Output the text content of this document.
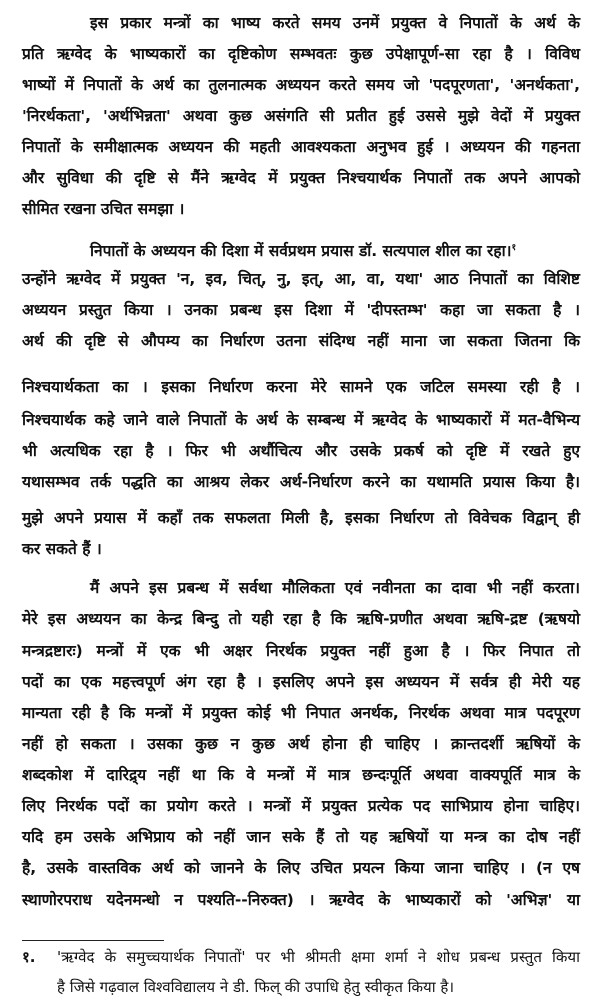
इस प्रकार मन्त्रों का भाष्य करते समय उनमें प्रयुक्त वे निपातों के अर्थ के
प्रति ऋग्वेद के भाष्यकारों का दृष्टिकोण सम्भवतः कुछ उपेक्षापूर्ण-सा रहा है । विविध
भाष्यों में निपातों के अर्थ का तुलनात्मक अध्ययन करते समय जो 'पदपूरणता', 'अनर्थकता',
'निरर्थकता', 'अर्थभिन्नता' अथवा कुछ असंगति सी प्रतीत हुई उससे मुझे वेदों में प्रयुक्त
निपातों के समीक्षात्मक अध्ययन की महती आवश्यकता अनुभव हुई । अध्ययन की गहनता
और सुविधा की दृष्टि से मैंने ऋग्वेद में प्रयुक्त निश्चयार्थक निपातों तक अपने आपको
सीमित रखना उचित समझा ।
निपातों के अध्ययन की दिशा में सर्वप्रथम प्रयास डॉ. सत्यपाल शील का रहा।$^१$
उन्होंने ऋग्वेद में प्रयुक्त 'न, इव, चित्, नु, इत्, आ, वा, यथा' आठ निपातों का विशिष्ट
अध्ययन प्रस्तुत किया । उनका प्रबन्ध इस दिशा में 'दीपस्तम्भ' कहा जा सकता है ।
अर्थ की दृष्टि से औपम्य का निर्धारण उतना संदिग्ध नहीं माना जा सकता जितना कि
निश्चयार्थकता का । इसका निर्धारण करना मेरे सामने एक जटिल समस्या रही है ।
निश्चयार्थक कहे जाने वाले निपातों के अर्थ के सम्बन्ध में ऋग्वेद के भाष्यकारों में मत-वैभिन्य
भी अत्यधिक रहा है । फिर भी अर्थौचित्य और उसके प्रकर्ष को दृष्टि में रखते हुए
यथासम्भव तर्क पद्धति का आश्रय लेकर अर्थ-निर्धारण करने का यथामति प्रयास किया है।
मुझे अपने प्रयास में कहाँ तक सफलता मिली है, इसका निर्धारण तो विवेचक विद्वान् ही
कर सकते हैं ।
मैं अपने इस प्रबन्ध में सर्वथा मौलिकता एवं नवीनता का दावा भी नहीं करता।
मेरे इस अध्ययन का केन्द्र बिन्दु तो यही रहा है कि ऋषि-प्रणीत अथवा ऋषि-द्रष्ट (ऋषयो
मन्त्रद्रष्टारः) मन्त्रों में एक भी अक्षर निरर्थक प्रयुक्त नहीं हुआ है । फिर निपात तो
पदों का एक महत्त्वपूर्ण अंग रहा है । इसलिए अपने इस अध्ययन में सर्वत्र ही मेरी यह
मान्यता रही है कि मन्त्रों में प्रयुक्त कोई भी निपात अनर्थक, निरर्थक अथवा मात्र पदपूरण
नहीं हो सकता । उसका कुछ न कुछ अर्थ होना ही चाहिए । क्रान्तदर्शी ऋषियों के
शब्दकोश में दारिद्र्य नहीं था कि वे मन्त्रों में मात्र छन्दःपूर्ति अथवा वाक्यपूर्ति मात्र के
लिए निरर्थक पदों का प्रयोग करते । मन्त्रों में प्रयुक्त प्रत्येक पद साभिप्राय होना चाहिए।
यदि हम उसके अभिप्राय को नहीं जान सके हैं तो यह ऋषियों या मन्त्र का दोष नहीं
है, उसके वास्तविक अर्थ को जानने के लिए उचित प्रयत्न किया जाना चाहिए । (न एष
स्थाणोरपराध यदेनमन्धो न पश्यति--निरुक्त) । ऋग्वेद के भाष्यकारों को 'अभिज्ञ' या
१. 'ऋग्वेद के समुच्चयार्थक निपातों' पर भी श्रीमती क्षमा शर्मा ने शोध प्रबन्ध प्रस्तुत किया
है जिसे गढ़वाल विश्वविद्यालय ने डी. फिल् की उपाधि हेतु स्वीकृत किया है।
